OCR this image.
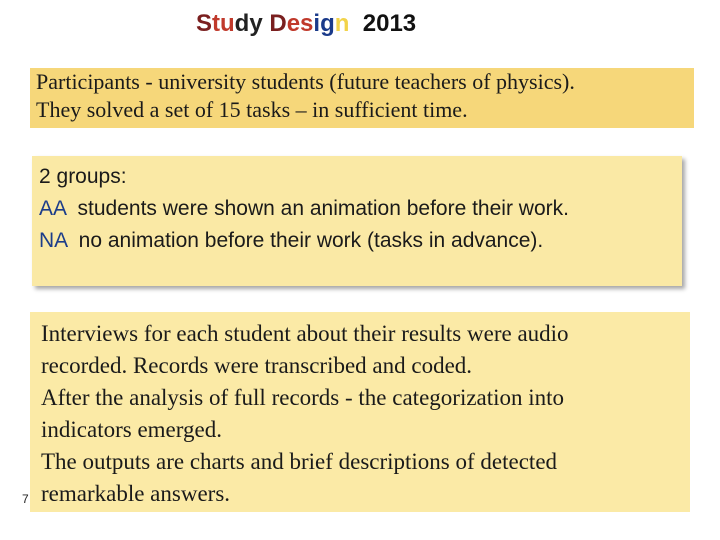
Study Design  2013
Participants - university students (future teachers of physics).
They solved a set of 15 tasks – in sufficient time.
2 groups:
AA  students were shown an animation before their work.
NA  no animation before their work (tasks in advance).
Interviews for each student about their results were audio
recorded. Records were transcribed and coded.
After the analysis of full records - the categorization into
indicators emerged.
The outputs are charts and brief descriptions of detected
remarkable answers.
7
